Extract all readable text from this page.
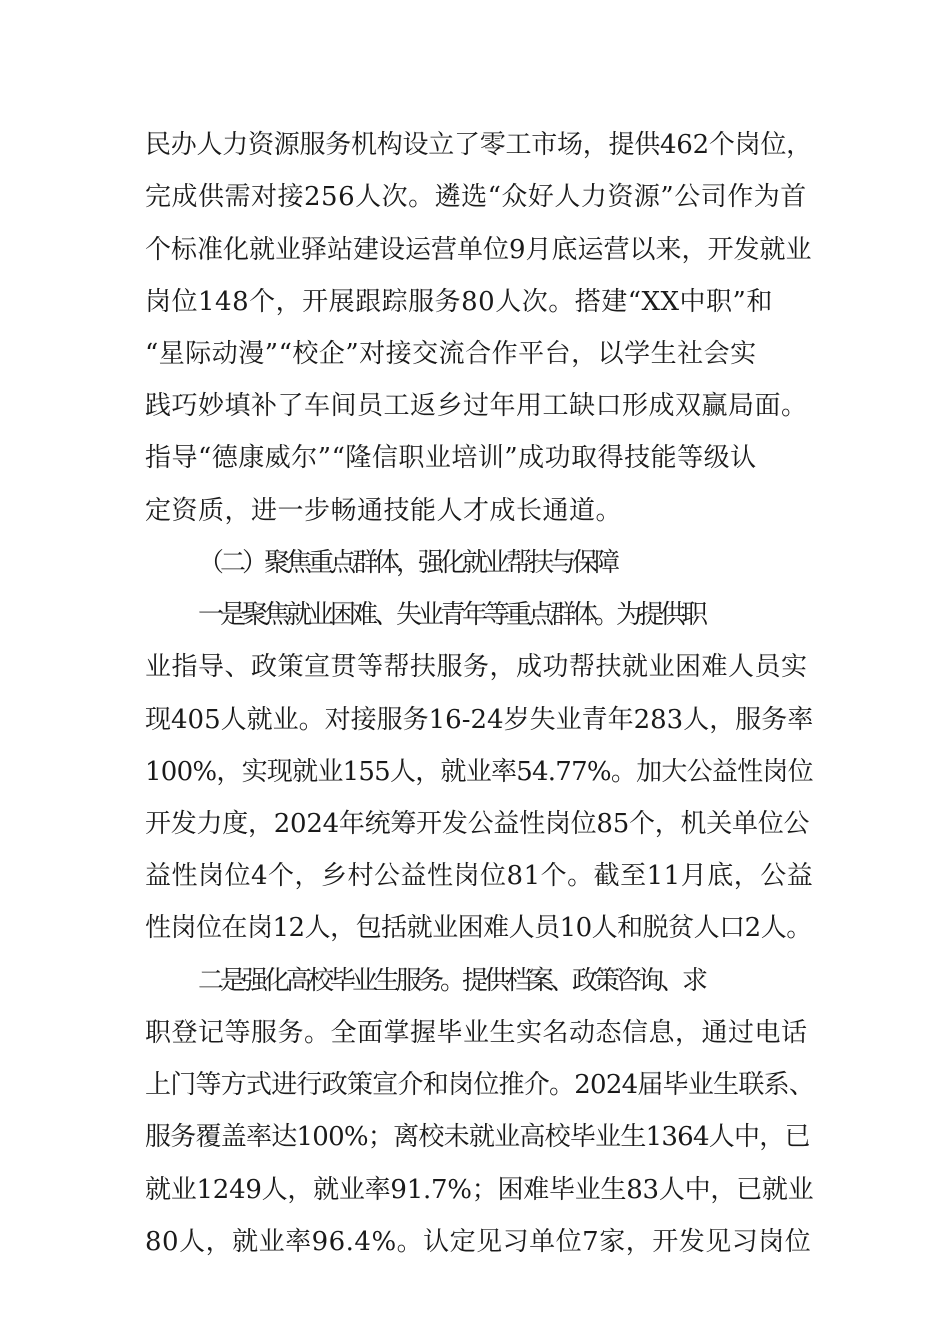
民办人力资源服务机构设立了零工市场，提供462个岗位，
完成供需对接256人次。遴选“众好人力资源”公司作为首
个标准化就业驿站建设运营单位9月底运营以来，开发就业
岗位148个，开展跟踪服务80人次。搭建“XX中职”和
“星际动漫”“校企”对接交流合作平台，以学生社会实
践巧妙填补了车间员工返乡过年用工缺口形成双赢局面。
指导“德康威尔”“隆信职业培训”成功取得技能等级认
定资质，进一步畅通技能人才成长通道。
（二）聚焦重点群体，强化就业帮扶与保障
一是聚焦就业困难、失业青年等重点群体。为提供职
业指导、政策宣贯等帮扶服务，成功帮扶就业困难人员实
现405人就业。对接服务16-24岁失业青年283人，服务率
100%，实现就业155人，就业率54.77%。加大公益性岗位
开发力度，2024年统筹开发公益性岗位85个，机关单位公
益性岗位4个，乡村公益性岗位81个。截至11月底，公益
性岗位在岗12人，包括就业困难人员10人和脱贫人口2人。
二是强化高校毕业生服务。提供档案、政策咨询、求
职登记等服务。全面掌握毕业生实名动态信息，通过电话
上门等方式进行政策宣介和岗位推介。2024届毕业生联系、
服务覆盖率达100%；离校未就业高校毕业生1364人中，已
就业1249人，就业率91.7%；困难毕业生83人中，已就业
80人，就业率96.4%。认定见习单位7家，开发见习岗位
